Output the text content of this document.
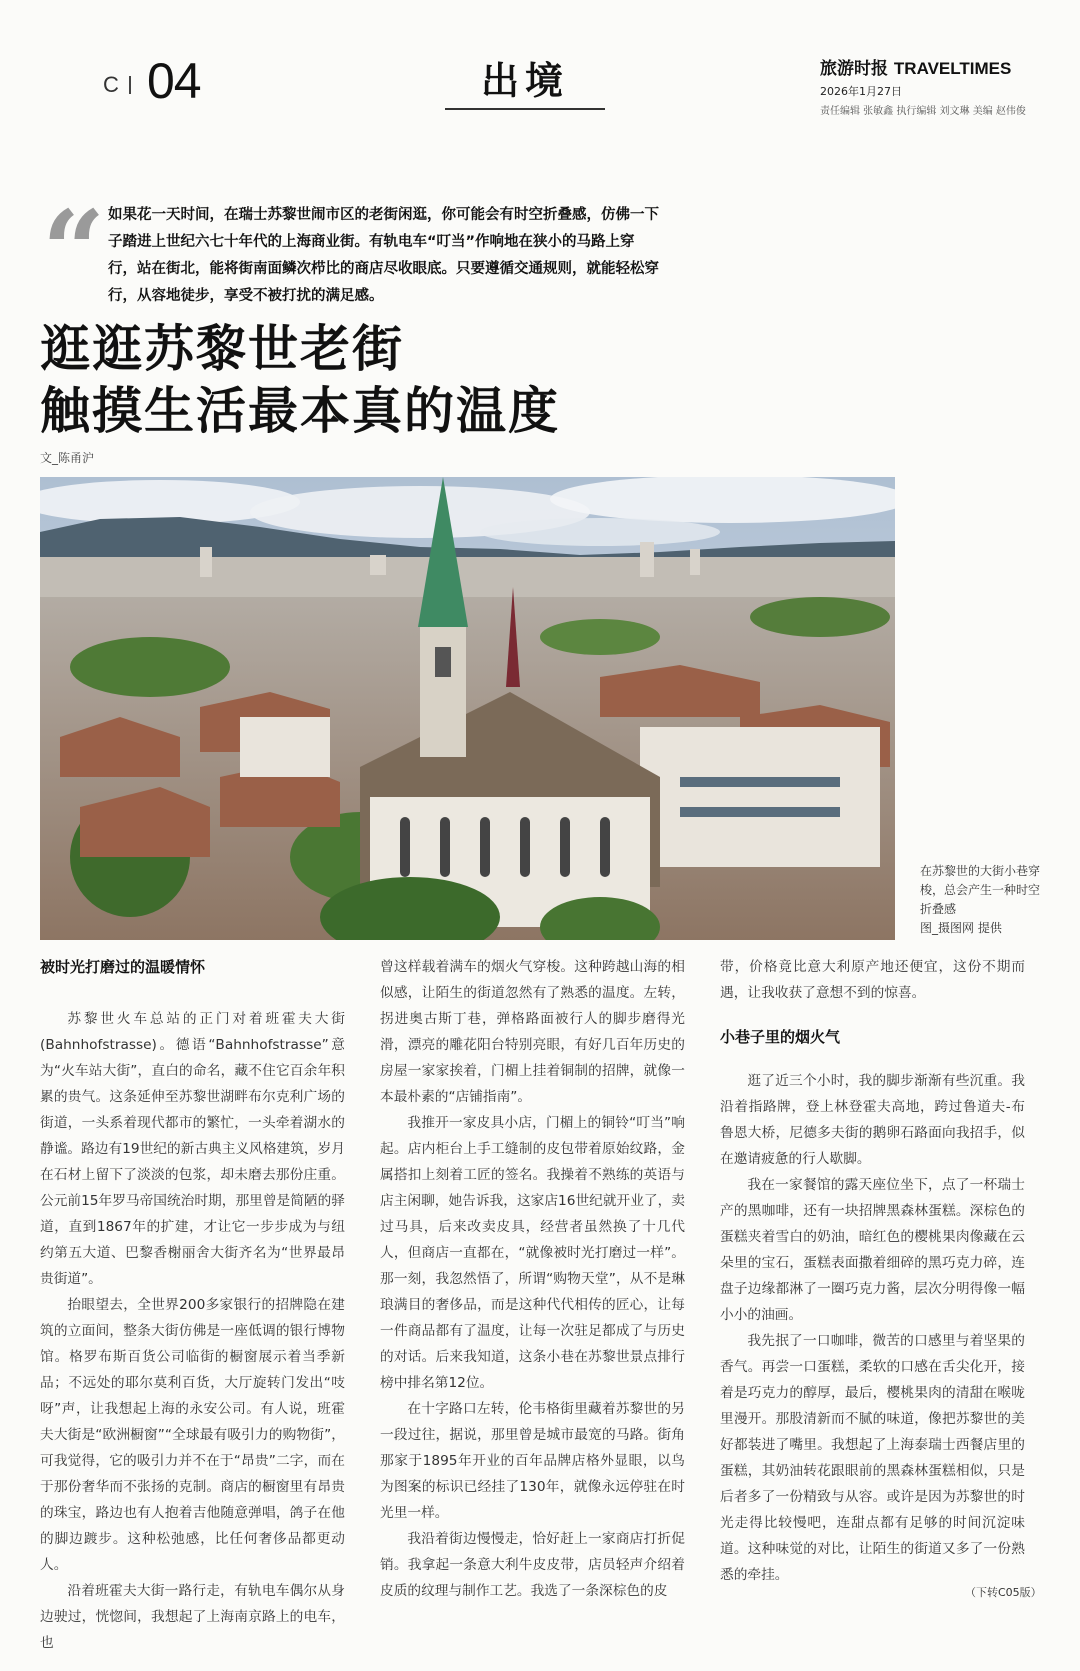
C 04	出境	旅游时报 TRAVELTIMES
2026年1月27日
责任编辑 张敏鑫 执行编辑 刘文琳 美编 赵伟俊
“ 如果花一天时间，在瑞士苏黎世闹市区的老街闲逛，你可能会有时空折叠感，仿佛一下子踏进上世纪六七十年代的上海商业街。有轨电车“叮当”作响地在狭小的马路上穿行，站在街北，能将街南面鳞次栉比的商店尽收眼底。只要遵循交通规则，就能轻松穿行，从容地徒步，享受不被打扰的满足感。
逛逛苏黎世老街
触摸生活最本真的温度
文_陈甬沪
在苏黎世的大街小巷穿梭，总会产生一种时空折叠感
图_摄图网 提供
被时光打磨过的温暖情怀

苏黎世火车总站的正门对着班霍夫大街(Bahnhofstrasse)。德语“Bahnhofstrasse”意为“火车站大街”，直白的命名，藏不住它百余年积累的贵气。这条延伸至苏黎世湖畔布尔克利广场的街道，一头系着现代都市的繁忙，一头牵着湖水的静谧。路边有19世纪的新古典主义风格建筑，岁月在石材上留下了淡淡的包浆，却未磨去那份庄重。公元前15年罗马帝国统治时期，那里曾是简陋的驿道，直到1867年的扩建，才让它一步步成为与纽约第五大道、巴黎香榭丽舍大街齐名为“世界最昂贵街道”。

抬眼望去，全世界200多家银行的招牌隐在建筑的立面间，整条大街仿佛是一座低调的银行博物馆。格罗布斯百货公司临街的橱窗展示着当季新品；不远处的耶尔莫利百货，大厅旋转门发出“吱呀”声，让我想起上海的永安公司。有人说，班霍夫大街是“欧洲橱窗”“全球最有吸引力的购物街”，可我觉得，它的吸引力并不在于“昂贵”二字，而在于那份奢华而不张扬的克制。商店的橱窗里有昂贵的珠宝，路边也有人抱着吉他随意弹唱，鸽子在他的脚边踱步。这种松弛感，比任何奢侈品都更动人。

沿着班霍夫大街一路行走，有轨电车偶尔从身边驶过，恍惚间，我想起了上海南京路上的电车，也

曾这样载着满车的烟火气穿梭。这种跨越山海的相似感，让陌生的街道忽然有了熟悉的温度。左转，拐进奥古斯丁巷，弹格路面被行人的脚步磨得光滑，漂亮的雕花阳台特别亮眼，有好几百年历史的房屋一家家挨着，门楣上挂着铜制的招牌，就像一本最朴素的“店铺指南”。

我推开一家皮具小店，门楣上的铜铃“叮当”响起。店内柜台上手工缝制的皮包带着原始纹路，金属搭扣上刻着工匠的签名。我操着不熟练的英语与店主闲聊，她告诉我，这家店16世纪就开业了，卖过马具，后来改卖皮具，经营者虽然换了十几代人，但商店一直都在，“就像被时光打磨过一样”。那一刻，我忽然悟了，所谓“购物天堂”，从不是琳琅满目的奢侈品，而是这种代代相传的匠心，让每一件商品都有了温度，让每一次驻足都成了与历史的对话。后来我知道，这条小巷在苏黎世景点排行榜中排名第12位。

在十字路口左转，伦韦格街里藏着苏黎世的另一段过往，据说，那里曾是城市最宽的马路。街角那家于1895年开业的百年品牌店格外显眼，以鸟为图案的标识已经挂了130年，就像永远停驻在时光里一样。

我沿着街边慢慢走，恰好赶上一家商店打折促销。我拿起一条意大利牛皮皮带，店员轻声介绍着皮质的纹理与制作工艺。我选了一条深棕色的皮

带，价格竟比意大利原产地还便宜，这份不期而遇，让我收获了意想不到的惊喜。

小巷子里的烟火气

逛了近三个小时，我的脚步渐渐有些沉重。我沿着指路牌，登上林登霍夫高地，跨过鲁道夫-布鲁恩大桥，尼德多夫街的鹅卵石路面向我招手，似在邀请疲惫的行人歇脚。

我在一家餐馆的露天座位坐下，点了一杯瑞士产的黑咖啡，还有一块招牌黑森林蛋糕。深棕色的蛋糕夹着雪白的奶油，暗红色的樱桃果肉像藏在云朵里的宝石，蛋糕表面撒着细碎的黑巧克力碎，连盘子边缘都淋了一圈巧克力酱，层次分明得像一幅小小的油画。

我先抿了一口咖啡，微苦的口感里与着坚果的香气。再尝一口蛋糕，柔软的口感在舌尖化开，接着是巧克力的醇厚，最后，樱桃果肉的清甜在喉咙里漫开。那股清新而不腻的味道，像把苏黎世的美好都装进了嘴里。我想起了上海泰瑞士西餐店里的蛋糕，其奶油转花跟眼前的黑森林蛋糕相似，只是后者多了一份精致与从容。或许是因为苏黎世的时光走得比较慢吧，连甜点都有足够的时间沉淀味道。这种味觉的对比，让陌生的街道又多了一份熟悉的牵挂。

（下转C05版）
